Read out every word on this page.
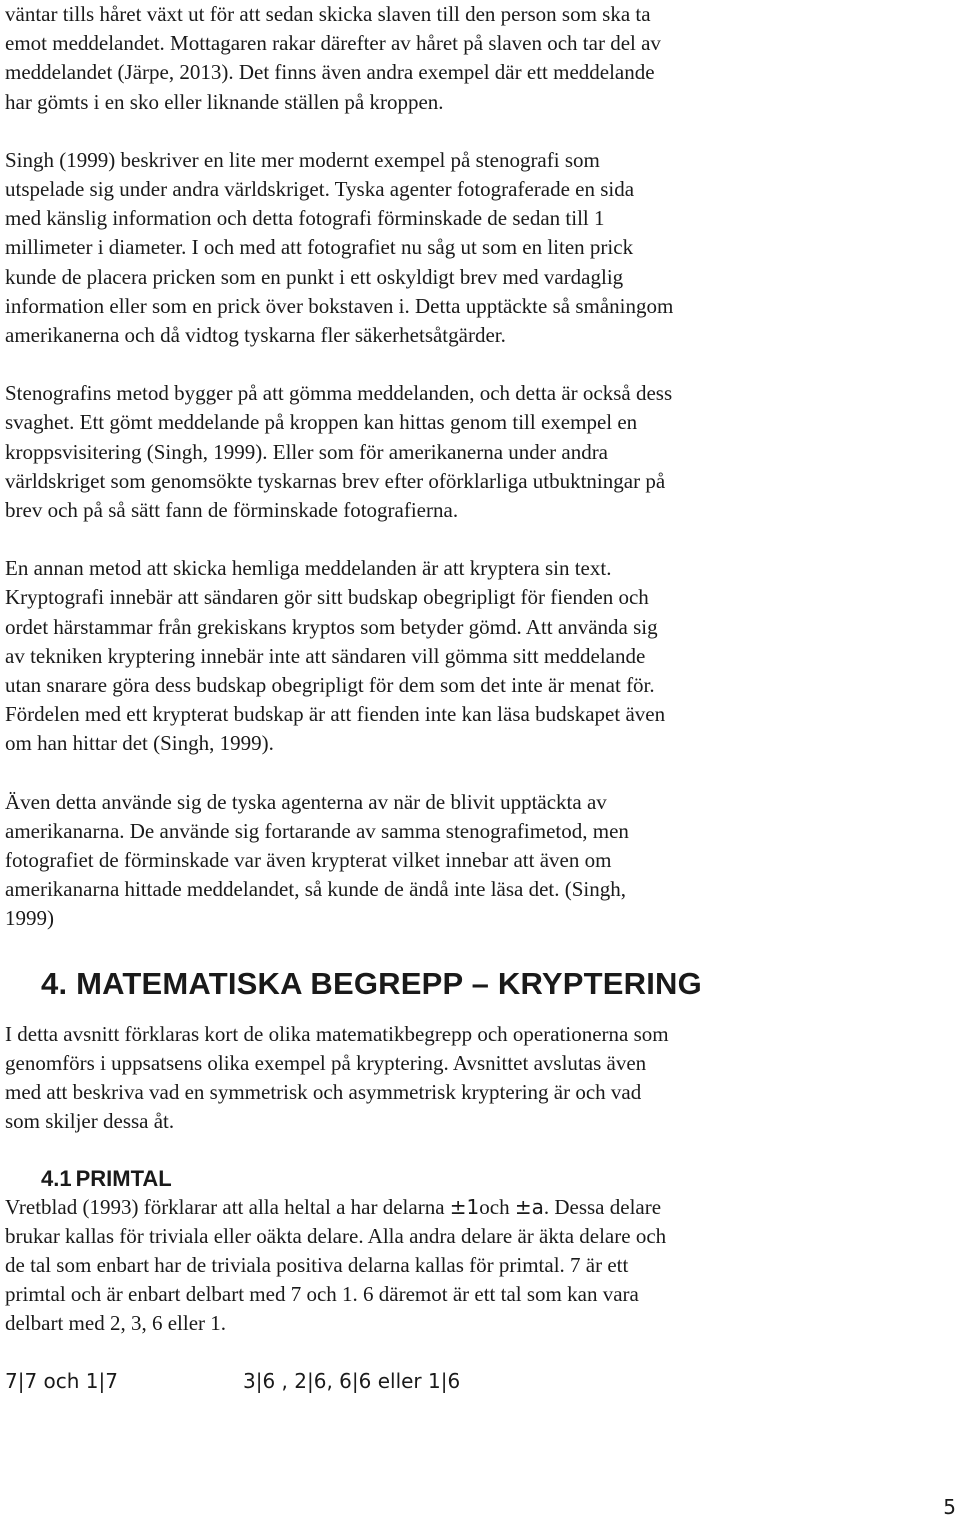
väntar tills håret växt ut för att sedan skicka slaven till den person som ska ta
emot meddelandet. Mottagaren rakar därefter av håret på slaven och tar del av
meddelandet (Järpe, 2013). Det finns även andra exempel där ett meddelande
har gömts i en sko eller liknande ställen på kroppen.

Singh (1999) beskriver en lite mer modernt exempel på stenografi som
utspelade sig under andra världskriget. Tyska agenter fotograferade en sida
med känslig information och detta fotografi förminskade de sedan till 1
millimeter i diameter. I och med att fotografiet nu såg ut som en liten prick
kunde de placera pricken som en punkt i ett oskyldigt brev med vardaglig
information eller som en prick över bokstaven i. Detta upptäckte så småningom
amerikanerna och då vidtog tyskarna fler säkerhetsåtgärder.

Stenografins metod bygger på att gömma meddelanden, och detta är också dess
svaghet. Ett gömt meddelande på kroppen kan hittas genom till exempel en
kroppsvisitering (Singh, 1999). Eller som för amerikanerna under andra
världskriget som genomsökte tyskarnas brev efter oförklarliga utbuktningar på
brev och på så sätt fann de förminskade fotografierna.

En annan metod att skicka hemliga meddelanden är att kryptera sin text.
Kryptografi innebär att sändaren gör sitt budskap obegripligt för fienden och
ordet härstammar från grekiskans kryptos som betyder gömd. Att använda sig
av tekniken kryptering innebär inte att sändaren vill gömma sitt meddelande
utan snarare göra dess budskap obegripligt för dem som det inte är menat för.
Fördelen med ett krypterat budskap är att fienden inte kan läsa budskapet även
om han hittar det (Singh, 1999).

Även detta använde sig de tyska agenterna av när de blivit upptäckta av
amerikanarna. De använde sig fortarande av samma stenografimetod, men
fotografiet de förminskade var även krypterat vilket innebar att även om
amerikanarna hittade meddelandet, så kunde de ändå inte läsa det. (Singh,
1999)

4. MATEMATISKA BEGREPP – KRYPTERING

I detta avsnitt förklaras kort de olika matematikbegrepp och operationerna som
genomförs i uppsatsens olika exempel på kryptering. Avsnittet avslutas även
med att beskriva vad en symmetrisk och asymmetrisk kryptering är och vad
som skiljer dessa åt.

4.1 PRIMTAL

Vretblad (1993) förklarar att alla heltal a har delarna ±1och ±a. Dessa delare
brukar kallas för triviala eller oäkta delare. Alla andra delare är äkta delare och
de tal som enbart har de triviala positiva delarna kallas för primtal. 7 är ett
primtal och är enbart delbart med 7 och 1. 6 däremot är ett tal som kan vara
delbart med 2, 3, 6 eller 1.

7|7 och 1|7	3|6 , 2|6, 6|6 eller 1|6
5
